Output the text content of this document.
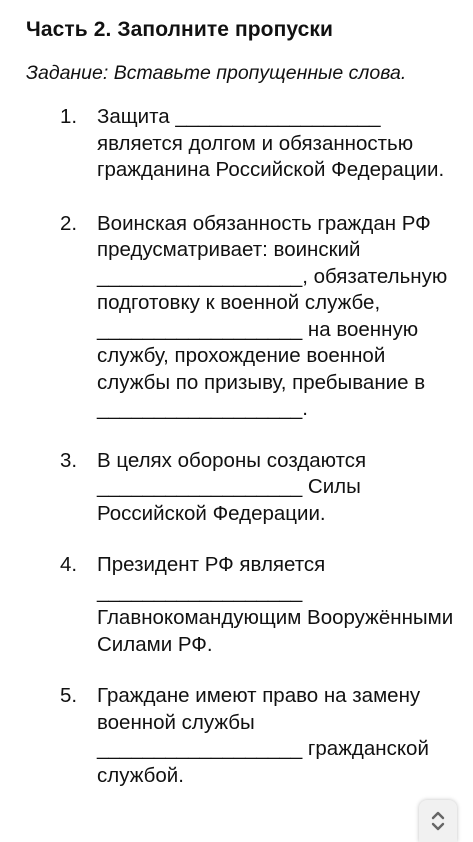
Часть 2. Заполните пропуски
Задание: Вставьте пропущенные слова.
1. Защита __________________ является долгом и обязанностью гражданина Российской Федерации.
2. Воинская обязанность граждан РФ предусматривает: воинский __________________, обязательную подготовку к военной службе, __________________ на военную службу, прохождение военной службы по призыву, пребывание в __________________.
3. В целях обороны создаются __________________ Силы Российской Федерации.
4. Президент РФ является __________________ Главнокомандующим Вооружёнными Силами РФ.
5. Граждане имеют право на замену военной службы __________________ гражданской службой.
